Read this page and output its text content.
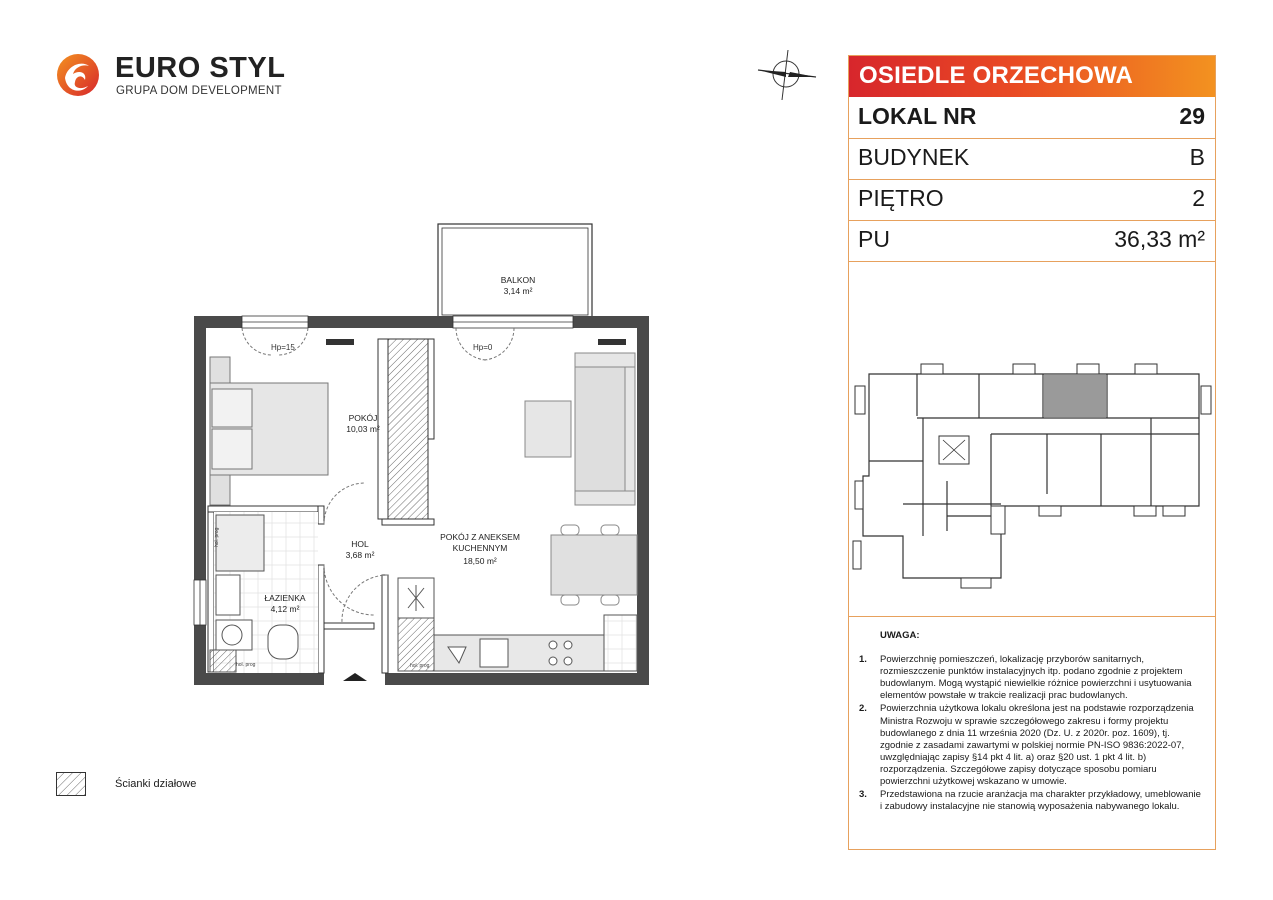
EURO STYL
GRUPA DOM DEVELOPMENT
Hp=15	Hp=0
BALKON
3,14 m²
POKÓJ
10,03 m²
HOL
3,68 m²
POKÓJ Z ANEKSEM
KUCHENNYM
18,50 m²
ŁAZIENKA
4,12 m²
hol. prog
hol. prog	hol. prog
Ścianki działowe
OSIEDLE ORZECHOWA
LOKAL NR	29
BUDYNEK	B
PIĘTRO	2
PU	36,33 m²
UWAGA:
1.	Powierzchnię pomieszczeń, lokalizację przyborów sanitarnych, rozmieszczenie punktów instalacyjnych itp. podano zgodnie z projektem budowlanym. Mogą wystąpić niewielkie różnice powierzchni i usytuowania elementów powstałe w trakcie realizacji prac budowlanych.
2.	Powierzchnia użytkowa lokalu określona jest na podstawie rozporządzenia Ministra Rozwoju w sprawie szczegółowego zakresu i formy projektu budowlanego z dnia 11 września 2020 (Dz. U. z 2020r. poz. 1609), tj. zgodnie z zasadami zawartymi w polskiej normie PN-ISO 9836:2022-07, uwzględniając zapisy §14 pkt 4 lit. a) oraz §20 ust. 1 pkt 4 lit. b) rozporządzenia. Szczegółowe zapisy dotyczące sposobu pomiaru powierzchni użytkowej wskazano w umowie.
3.	Przedstawiona na rzucie aranżacja ma charakter przykładowy, umeblowanie i zabudowy instalacyjne nie stanowią wyposażenia nabywanego lokalu.
